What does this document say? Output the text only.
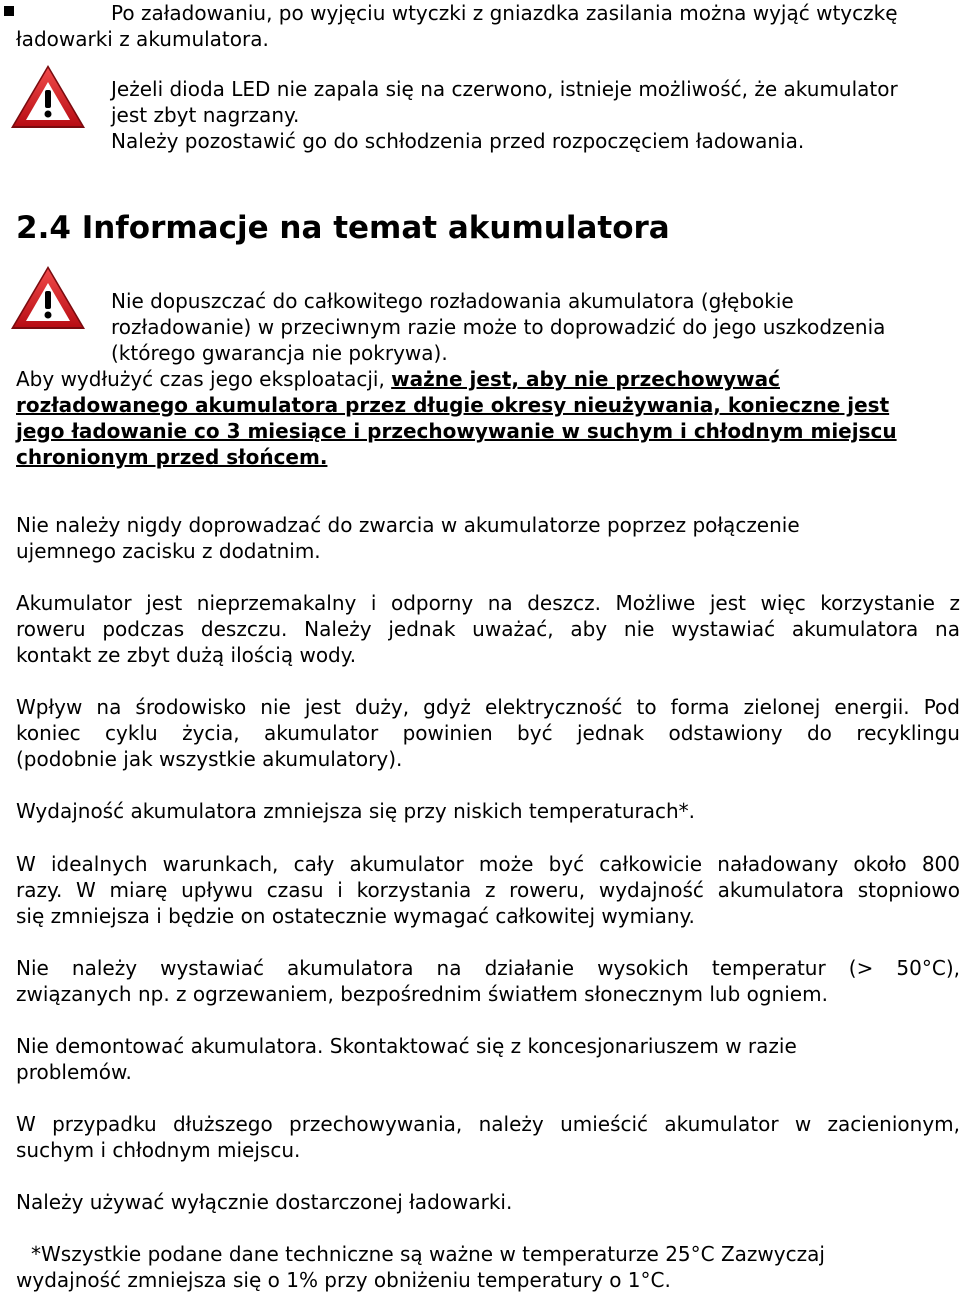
Po załadowaniu, po wyjęciu wtyczki z gniazdka zasilania można wyjąć wtyczkę
ładowarki z akumulatora.
Jeżeli dioda LED nie zapala się na czerwono, istnieje możliwość, że akumulator
jest zbyt nagrzany.
Należy pozostawić go do schłodzenia przed rozpoczęciem ładowania.
2.4 Informacje na temat akumulatora
Nie dopuszczać do całkowitego rozładowania akumulatora (głębokie
rozładowanie) w przeciwnym razie może to doprowadzić do jego uszkodzenia
(którego gwarancja nie pokrywa).
Aby wydłużyć czas jego eksploatacji, ważne jest, aby nie przechowywać
rozładowanego akumulatora przez długie okresy nieużywania, konieczne jest
jego ładowanie co 3 miesiące i przechowywanie w suchym i chłodnym miejscu
chronionym przed słońcem.
Nie należy nigdy doprowadzać do zwarcia w akumulatorze poprzez połączenie
ujemnego zacisku z dodatnim.
Akumulator jest nieprzemakalny i odporny na deszcz. Możliwe jest więc korzystanie z
roweru podczas deszczu. Należy jednak uważać, aby nie wystawiać akumulatora na
kontakt ze zbyt dużą ilością wody.
Wpływ na środowisko nie jest duży, gdyż elektryczność to forma zielonej energii. Pod
koniec cyklu życia, akumulator powinien być jednak odstawiony do recyklingu
(podobnie jak wszystkie akumulatory).
Wydajność akumulatora zmniejsza się przy niskich temperaturach*.
W idealnych warunkach, cały akumulator może być całkowicie naładowany około 800
razy. W miarę upływu czasu i korzystania z roweru, wydajność akumulatora stopniowo
się zmniejsza i będzie on ostatecznie wymagać całkowitej wymiany.
Nie należy wystawiać akumulatora na działanie wysokich temperatur (> 50°C),
związanych np. z ogrzewaniem, bezpośrednim światłem słonecznym lub ogniem.
Nie demontować akumulatora. Skontaktować się z koncesjonariuszem w razie
problemów.
W przypadku dłuższego przechowywania, należy umieścić akumulator w zacienionym,
suchym i chłodnym miejscu.
Należy używać wyłącznie dostarczonej ładowarki.
*Wszystkie podane dane techniczne są ważne w temperaturze 25°C Zazwyczaj
wydajność zmniejsza się o 1% przy obniżeniu temperatury o 1°C.
